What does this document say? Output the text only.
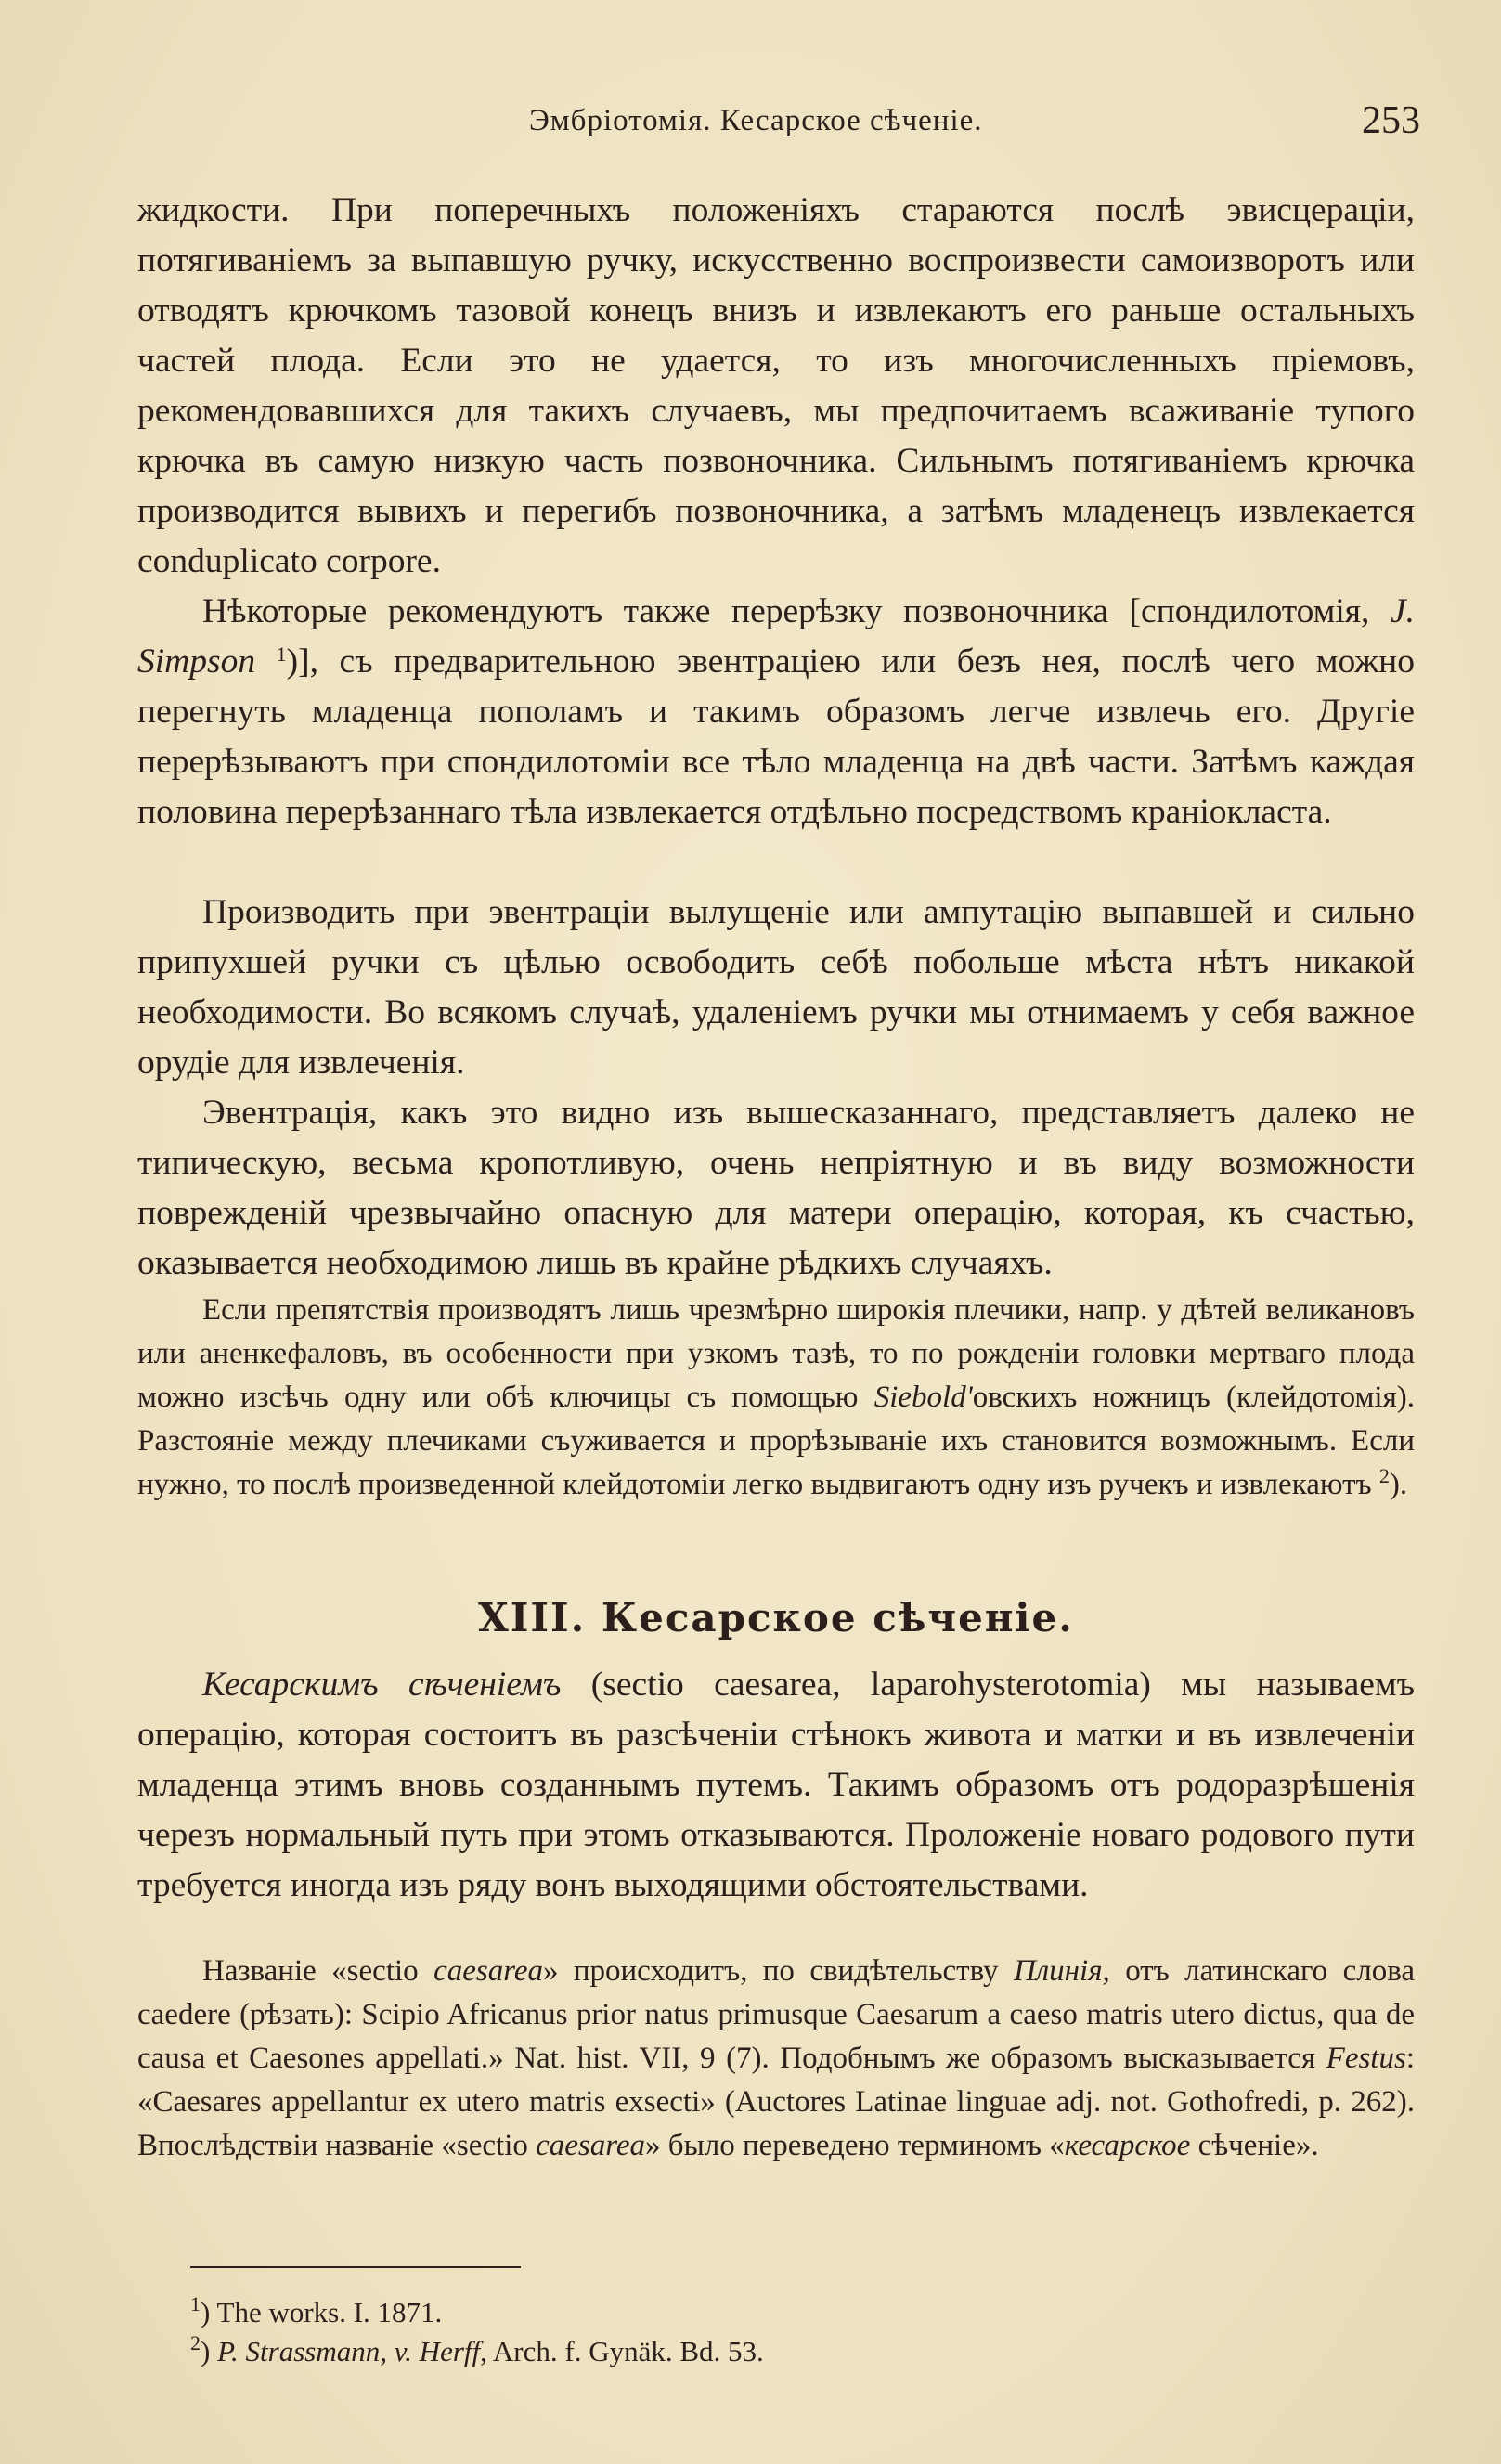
Эмбріотомія. Кесарское сѣченіе.	253

жидкости. При поперечныхъ положеніяхъ стараются послѣ эвисцераціи, потягиваніемъ за выпавшую ручку, искусственно воспроизвести самоизворотъ или отводятъ крючкомъ тазовой конецъ внизъ и извлекаютъ его раньше остальныхъ частей плода. Если это не удается, то изъ многочисленныхъ пріемовъ, рекомендовавшихся для такихъ случаевъ, мы предпочитаемъ всаживаніе тупого крючка въ самую низкую часть позвоночника. Сильнымъ потягиваніемъ крючка производится вывихъ и перегибъ позвоночника, а затѣмъ младенецъ извлекается conduplicato corpore.

Нѣкоторые рекомендуютъ также перерѣзку позвоночника [спондилотомія, J. Simpson $^1$)], съ предварительною эвентраціею или безъ нея, послѣ чего можно перегнуть младенца пополамъ и такимъ образомъ легче извлечь его. Другіе перерѣзываютъ при спондилотоміи все тѣло младенца на двѣ части. Затѣмъ каждая половина перерѣзаннаго тѣла извлекается отдѣльно посредствомъ краніокласта.

Производить при эвентраціи вылущеніе или ампутацію выпавшей и сильно припухшей ручки съ цѣлью освободить себѣ побольше мѣста нѣтъ никакой необходимости. Во всякомъ случаѣ, удаленіемъ ручки мы отнимаемъ у себя важное орудіе для извлеченія.

Эвентрація, какъ это видно изъ вышесказаннаго, представляетъ далеко не типическую, весьма кропотливую, очень непріятную и въ виду возможности поврежденій чрезвычайно опасную для матери операцію, которая, къ счастью, оказывается необходимою лишь въ крайне рѣдкихъ случаяхъ.

Если препятствія производятъ лишь чрезмѣрно широкія плечики, напр. у дѣтей великановъ или аненкефаловъ, въ особенности при узкомъ тазѣ, то по рожденіи головки мертваго плода можно изсѣчь одну или обѣ ключицы съ помощью Siebold'овскихъ ножницъ (клейдотомія). Разстояніе между плечиками съуживается и прорѣзываніе ихъ становится возможнымъ. Если нужно, то послѣ произведенной клейдотоміи легко выдвигаютъ одну изъ ручекъ и извлекаютъ $^2$).

XIII. Кесарское сѣченіе.

Кесарскимъ сѣченіемъ (sectio caesarea, laparohysterotomia) мы называемъ операцію, которая состоитъ въ разсѣченіи стѣнокъ живота и матки и въ извлеченіи младенца этимъ вновь созданнымъ путемъ. Такимъ образомъ отъ родоразрѣшенія черезъ нормальный путь при этомъ отказываются. Проложеніе новаго родового пути требуется иногда изъ ряду вонъ выходящими обстоятельствами.

Названіе «sectio caesarea» происходитъ, по свидѣтельству Плинія, отъ латинскаго слова caedere (рѣзать): Scipio Africanus prior natus primusque Caesarum a caeso matris utero dictus, qua de causa et Caesones appellati.» Nat. hist. VII, 9 (7). Подобнымъ же образомъ высказывается Festus: «Caesares appellantur ex utero matris exsecti» (Auctores Latinae linguae adj. not. Gothofredi, p. 262). Впослѣдствіи названіе «sectio caesarea» было переведено терминомъ «кесарское сѣченіе».

$^1$) The works. I. 1871.
$^2$) P. Strassmann, v. Herff, Arch. f. Gynäk. Bd. 53.
